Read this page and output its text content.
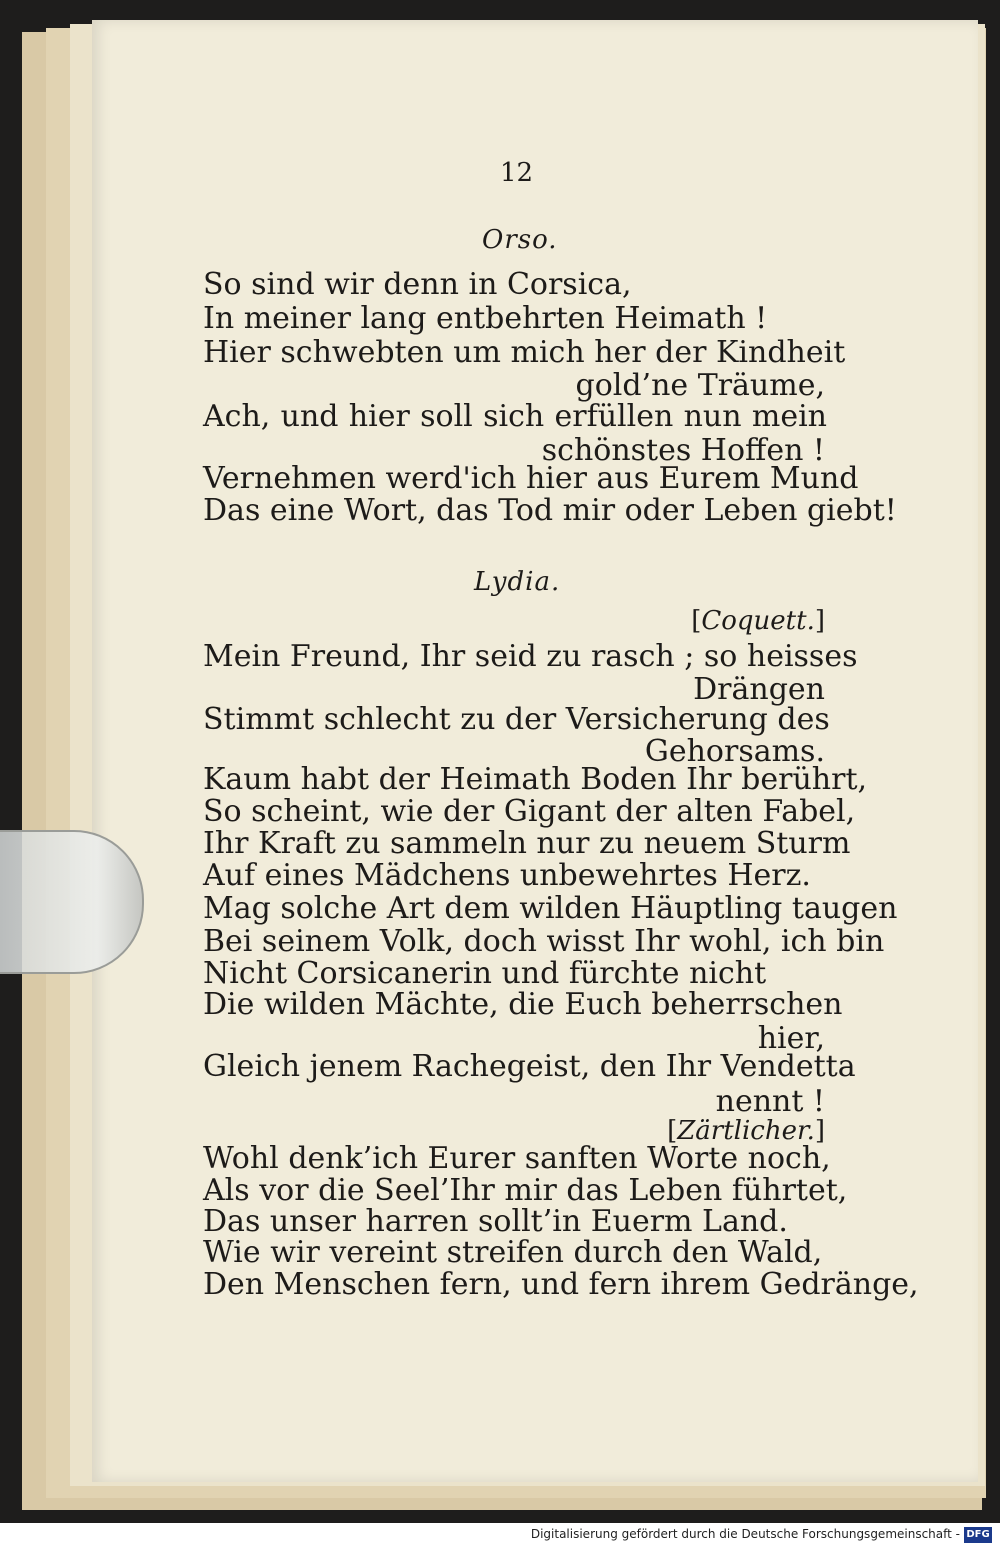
12
Orso.
So sind wir denn in Corsica,
In meiner lang entbehrten Heimath !
Hier schwebten um mich her der Kindheit
gold’ne Träume,
Ach, und hier soll sich erfüllen nun mein
schönstes Hoffen !
Vernehmen werd'ich hier aus Eurem Mund
Das eine Wort, das Tod mir oder Leben giebt!
Lydia.
[Coquett.]
Mein Freund, Ihr seid zu rasch ; so heisses
Drängen
Stimmt schlecht zu der Versicherung des
Gehorsams.
Kaum habt der Heimath Boden Ihr berührt,
So scheint, wie der Gigant der alten Fabel,
Ihr Kraft zu sammeln nur zu neuem Sturm
Auf eines Mädchens unbewehrtes Herz.
Mag solche Art dem wilden Häuptling taugen
Bei seinem Volk, doch wisst Ihr wohl, ich bin
Nicht Corsicanerin und fürchte nicht
Die wilden Mächte, die Euch beherrschen
hier,
Gleich jenem Rachegeist, den Ihr Vendetta
nennt !
[Zärtlicher.]
Wohl denk’ich Eurer sanften Worte noch,
Als vor die Seel’Ihr mir das Leben führtet,
Das unser harren sollt’in Euerm Land.
Wie wir vereint streifen durch den Wald,
Den Menschen fern, und fern ihrem Gedränge,
Digitalisierung gefördert durch die Deutsche Forschungsgemeinschaft - DFG
